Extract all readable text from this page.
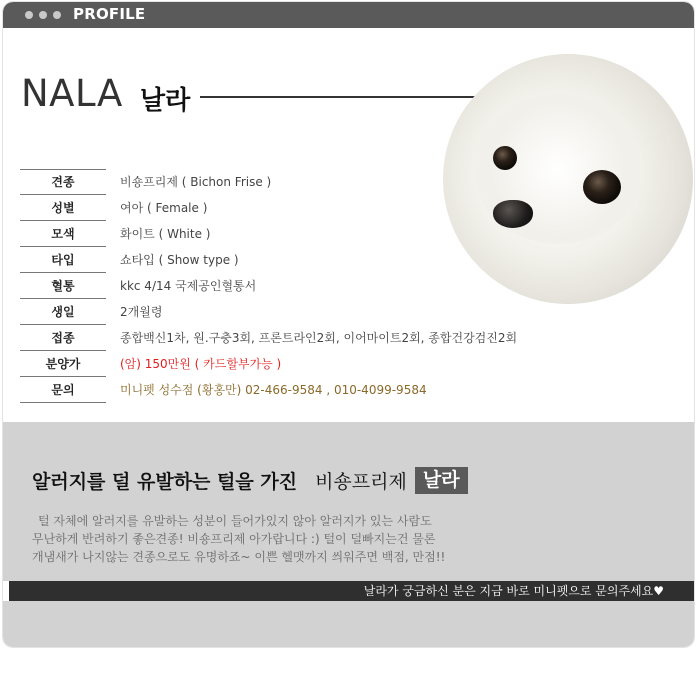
PROFILE
NALA 날라
견종	비숑프리제 ( Bichon Frise )
성별	여아 ( Female )
모색	화이트 ( White )
타입	쇼타입 ( Show type )
혈통	kkc 4/14 국제공인혈통서
생일	2개월령
접종	종합백신1차, 원.구충3회, 프론트라인2회, 이어마이트2회, 종합건강검진2회
분양가	(암) 150만원 ( 카드할부가능 )
문의	미니펫 성수점 (황홍만) 02-466-9584 , 010-4099-9584
알러지를 덜 유발하는 털을 가진 비숑프리제 날라
털 자체에 알러지를 유발하는 성분이 들어가있지 않아 알러지가 있는 사람도
무난하게 반려하기 좋은견종! 비숑프리제 아가랍니다 :) 털이 덜빠지는건 물론
개냄새가 나지않는 견종으로도 유명하죠~ 이쁜 헬맷까지 씌워주면 백점, 만점!!
날라가 궁금하신 분은 지금 바로 미니펫으로 문의주세요♥
